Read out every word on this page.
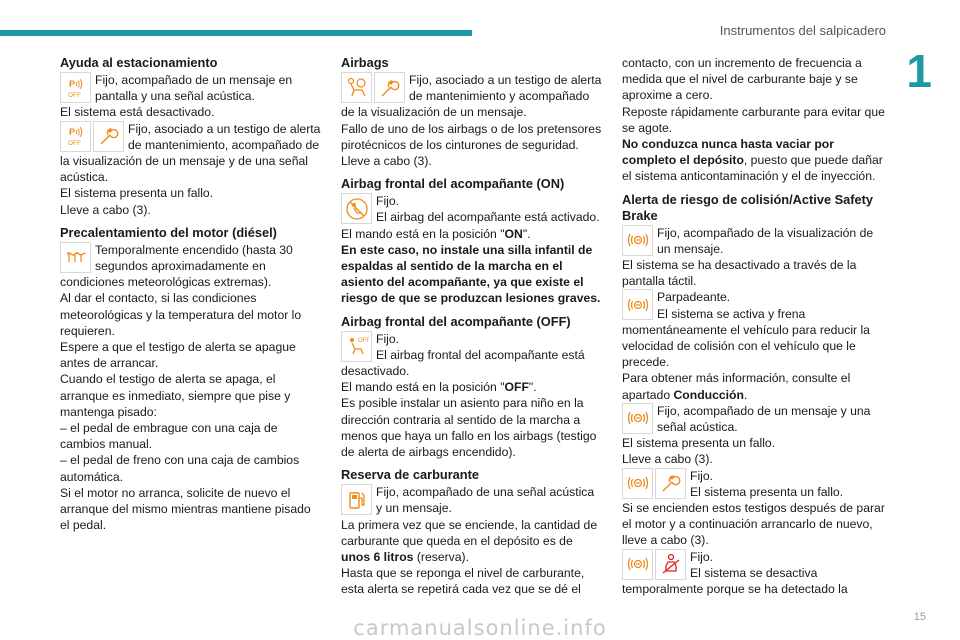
Instrumentos del salpicadero
1
Ayuda al estacionamiento

Fijo, acompañado de un mensaje en pantalla y una señal acústica.

El sistema está desactivado.

Fijo, asociado a un testigo de alerta de mantenimiento, acompañado de la visualización de un mensaje y de una señal acústica.

El sistema presenta un fallo.

Lleve a cabo (3).

Precalentamiento del motor (diésel)

Temporalmente encendido (hasta 30 segundos aproximadamente en condiciones meteorológicas extremas).

Al dar el contacto, si las condiciones meteorológicas y la temperatura del motor lo requieren.

Espere a que el testigo de alerta se apague antes de arrancar.

Cuando el testigo de alerta se apaga, el arranque es inmediato, siempre que pise y mantenga pisado:

– el pedal de embrague con una caja de cambios manual.

– el pedal de freno con una caja de cambios automática.

Si el motor no arranca, solicite de nuevo el arranque del mismo mientras mantiene pisado el pedal.

Airbags

Fijo, asociado a un testigo de alerta de mantenimiento y acompañado de la visualización de un mensaje.

Fallo de uno de los airbags o de los pretensores pirotécnicos de los cinturones de seguridad.

Lleve a cabo (3).

Airbag frontal del acompañante (ON)

Fijo.

El airbag del acompañante está activado.

El mando está en la posición "ON".

En este caso, no instale una silla infantil de espaldas al sentido de la marcha en el asiento del acompañante, ya que existe el riesgo de que se produzcan lesiones graves.

Airbag frontal del acompañante (OFF)

Fijo.

El airbag frontal del acompañante está desactivado.

El mando está en la posición "OFF".

Es posible instalar un asiento para niño en la dirección contraria al sentido de la marcha a menos que haya un fallo en los airbags (testigo de alerta de airbags encendido).

Reserva de carburante

Fijo, acompañado de una señal acústica y un mensaje.

La primera vez que se enciende, la cantidad de carburante que queda en el depósito es de unos 6 litros (reserva).

Hasta que se reponga el nivel de carburante, esta alerta se repetirá cada vez que se dé el

contacto, con un incremento de frecuencia a medida que el nivel de carburante baje y se aproxime a cero.

Reposte rápidamente carburante para evitar que se agote.

No conduzca nunca hasta vaciar por completo el depósito, puesto que puede dañar el sistema anticontaminación y el de inyección.

Alerta de riesgo de colisión/Active Safety Brake

Fijo, acompañado de la visualización de un mensaje.

El sistema se ha desactivado a través de la pantalla táctil.

Parpadeante.

El sistema se activa y frena momentáneamente el vehículo para reducir la velocidad de colisión con el vehículo que le precede.

Para obtener más información, consulte el apartado Conducción.

Fijo, acompañado de un mensaje y una señal acústica.

El sistema presenta un fallo.

Lleve a cabo (3).

Fijo.

El sistema presenta un fallo.

Si se encienden estos testigos después de parar el motor y a continuación arrancarlo de nuevo, lleve a cabo (3).

Fijo.

El sistema se desactiva temporalmente porque se ha detectado la

15
carmanualsonline.info
